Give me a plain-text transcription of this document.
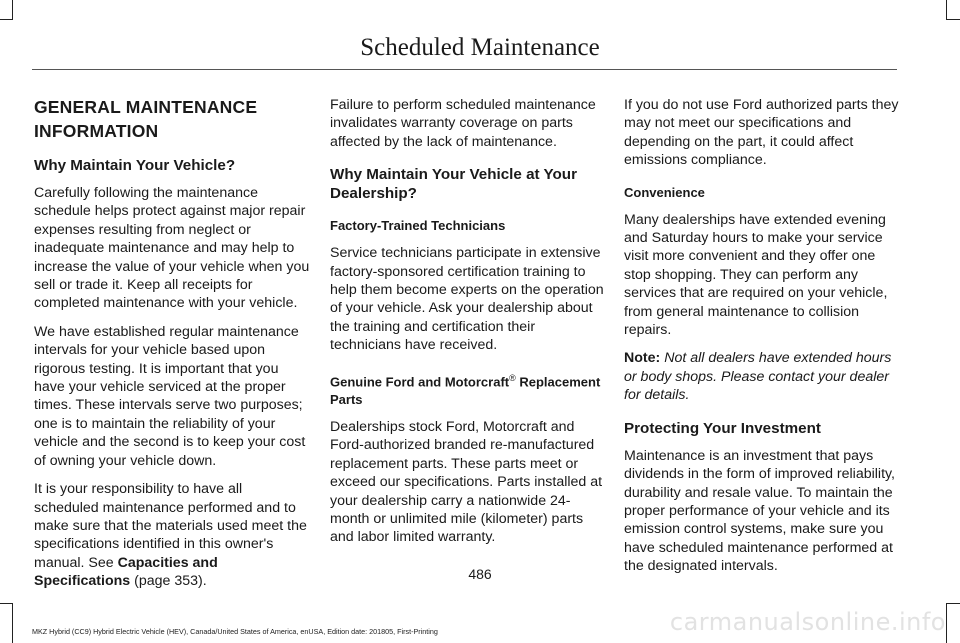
Scheduled Maintenance
GENERAL MAINTENANCE
INFORMATION
Why Maintain Your Vehicle?

Carefully following the maintenance schedule helps protect against major repair expenses resulting from neglect or inadequate maintenance and may help to increase the value of your vehicle when you sell or trade it. Keep all receipts for completed maintenance with your vehicle.

We have established regular maintenance intervals for your vehicle based upon rigorous testing. It is important that you have your vehicle serviced at the proper times. These intervals serve two purposes; one is to maintain the reliability of your vehicle and the second is to keep your cost of owning your vehicle down.

It is your responsibility to have all scheduled maintenance performed and to make sure that the materials used meet the specifications identified in this owner's manual. See Capacities and Specifications (page 353).

Failure to perform scheduled maintenance invalidates warranty coverage on parts affected by the lack of maintenance.

Why Maintain Your Vehicle at Your Dealership?
Factory-Trained Technicians

Service technicians participate in extensive factory-sponsored certification training to help them become experts on the operation of your vehicle. Ask your dealership about the training and certification their technicians have received.

Genuine Ford and Motorcraft® Replacement Parts

Dealerships stock Ford, Motorcraft and Ford-authorized branded re-manufactured replacement parts. These parts meet or exceed our specifications. Parts installed at your dealership carry a nationwide 24-month or unlimited mile (kilometer) parts and labor limited warranty.

If you do not use Ford authorized parts they may not meet our specifications and depending on the part, it could affect emissions compliance.

Convenience

Many dealerships have extended evening and Saturday hours to make your service visit more convenient and they offer one stop shopping. They can perform any services that are required on your vehicle, from general maintenance to collision repairs.

Note: Not all dealers have extended hours or body shops. Please contact your dealer for details.

Protecting Your Investment

Maintenance is an investment that pays dividends in the form of improved reliability, durability and resale value. To maintain the proper performance of your vehicle and its emission control systems, make sure you have scheduled maintenance performed at the designated intervals.

486
MKZ Hybrid (CC9) Hybrid Electric Vehicle (HEV), Canada/United States of America, enUSA, Edition date: 201805, First-Printing	carmanualsonline.info
